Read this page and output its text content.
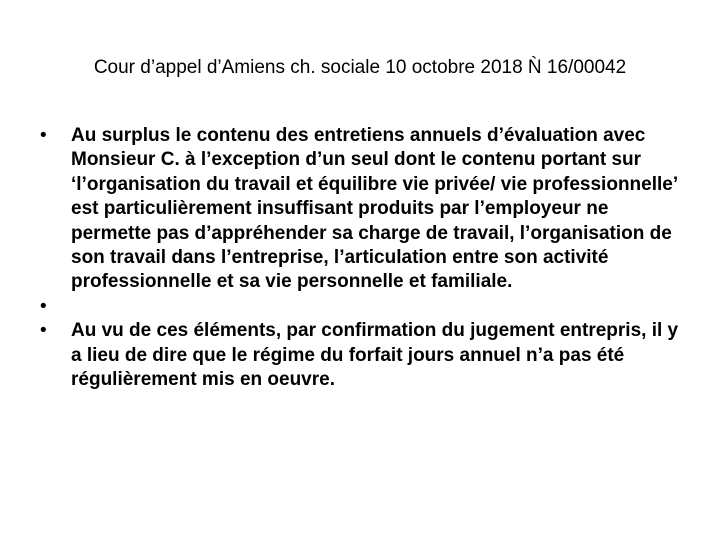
Cour d’appel d’Amiens ch. sociale 10 octobre 2018 Ǹ 16/00042
• Au surplus le contenu des entretiens annuels d’évaluation avec Monsieur C. à l’exception d’un seul dont le contenu portant sur ‘l’organisation du travail et équilibre vie privée/ vie professionnelle’ est particulièrement insuffisant produits par l’employeur ne permette pas d’appréhender sa charge de travail, l’organisation de son travail dans l’entreprise, l’articulation entre son activité professionnelle et sa vie personnelle et familiale.
•

• Au vu de ces éléments, par confirmation du jugement entrepris, il y a lieu de dire que le régime du forfait jours annuel n’a pas été régulièrement mis en oeuvre.
